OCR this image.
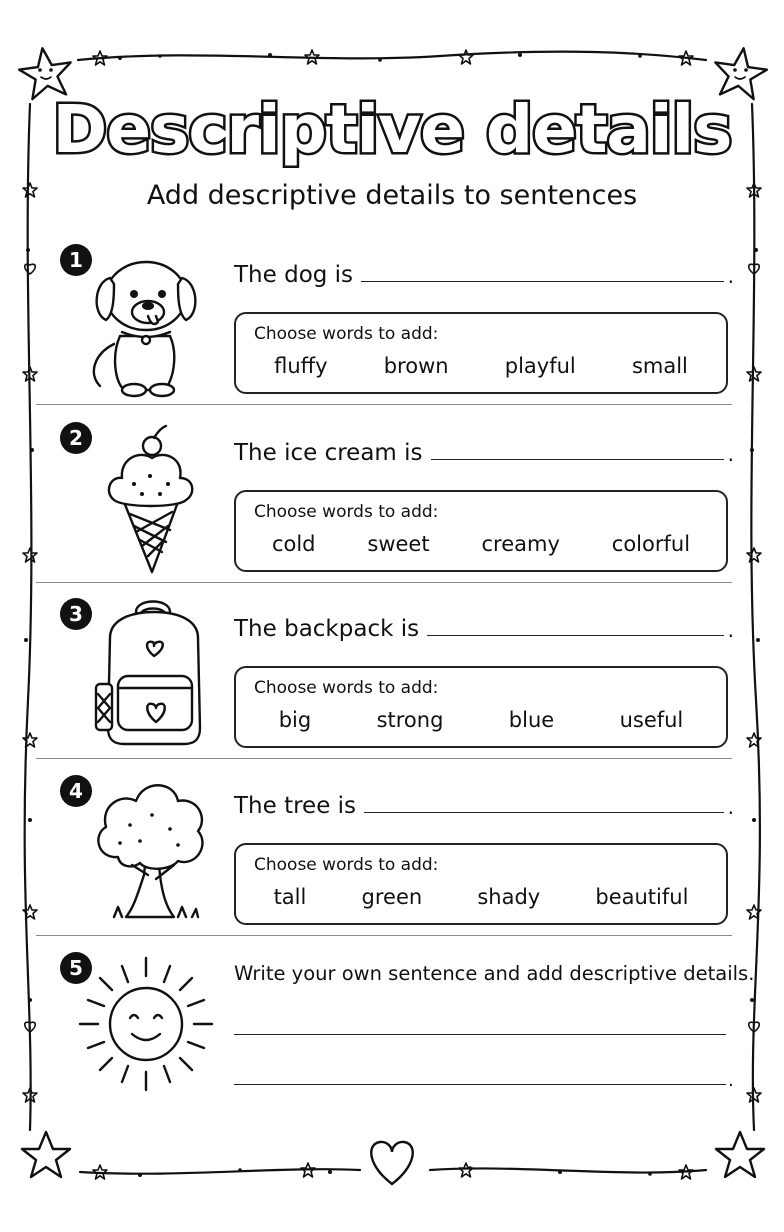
Descriptive details
Add descriptive details to sentences
1
The dog is	.
Choose words to add:
fluffy	brown	playful	small
2
The ice cream is	.
Choose words to add:
cold sweet creamy colorful
3
The backpack is	.
Choose words to add:
big	strong	blue	useful
4
The tree is	.
Choose words to add:
tall	green	shady	beautiful
5	Write your own sentence and add descriptive details.
.
